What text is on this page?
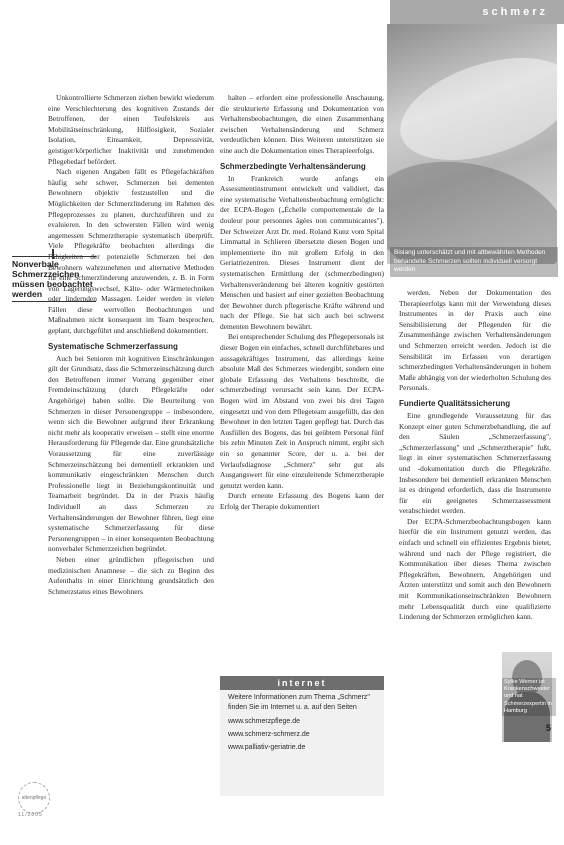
schmerz
Bislang unterschätzt und mit altbewährten Methoden behandelte Schmerzen sollten individuell versorgt werden
Nonverbale Schmerzzeichen müssen beobachtet werden

Unkontrollierte Schmerzen ziehen bewirkt wiederum eine Verschlechterung des kognitiven Zustands der Betroffenen, der einen Teufelskreis aus Mobilitätseinschränkung, Hilflosigkeit, Sozialer Isolation, Einsamkeit, Depressivität, geistiger/körperlicher Inaktivität und zunehmenden Pflegebedarf befördert.

Nach eigenen Angaben fällt es Pflegefachkräften häufig sehr schwer, Schmerzen bei dementen Bewohnern objektiv festzustellen und die Möglichkeiten der Schmerzlinderung im Rahmen des Pflegeprozesses zu planen, durchzuführen und zu evaluieren. In den schwersten Fällen wird wenig angemessen Schmerztherapie systematisch überprüft. Viele Pflegekräfte beobachten allerdings die Fähigkeiten der potenzielle Schmerzen bei den Bewohnern wahrzunehmen und alternative Methoden für eine Schmerzlinderung anzuwenden, z. B. in Form von Lagerungswechsel, Kälte- oder Wärmetechniken oder lindernden Massagen. Leider werden in vielen Fällen diese wertvollen Beobachtungen und Maßnahmen nicht konsequent im Team besprochen, geplant, durchgeführt und anschließend dokumentiert.

Systematische Schmerzerfassung

Auch bei Senioren mit kognitiven Einschränkungen gilt der Grundsatz, dass die Schmerzeinschätzung durch den Betroffenen immer Vorrang gegenüber einer Fremdeinschätzung (durch Pflegekräfte oder Angehörige) haben sollte. Die Beurteilung von Schmerzen in dieser Personengruppe – insbesondere, wenn sich die Bewohner aufgrund ihrer Erkrankung nicht mehr als kooperativ erweisen – stellt eine enorme Herausforderung für Pflegende dar. Eine grundsätzliche Voraussetzung für eine zuverlässige Schmerzeinschätzung bei dementiell erkrankten und kommunikativ eingeschränkten Menschen durch Professionelle liegt in Beziehungskontinuität und Teamarbeit begründet. Da in der Praxis häufig Individuell an dass Schmerzen zu Verhaltensänderungen der Bewohner führen, liegt eine systematische Schmerzerfassung für diese Personengruppen – in einer konsequenten Beobachtung nonverbaler Schmerzzeichen begründet.

Neben einer gründlichen pflegerischen und medizinischen Anamnese – die sich zu Beginn des Aufenthalts in einer Einrichtung grundsätzlich den Schmerzstatus eines Bewohners

halten – erfordert eine professionelle Anschauung, die strukturierte Erfassung und Dokumentation von Verhaltensbeobachtungen, die einen Zusammenhang zwischen Verhaltensänderung und Schmerz verdeutlichen können. Dies Weiteren unterstützen sie eine auch die Dokumentation eines Therapieerfolgs.

Schmerzbedingte Verhaltensänderung

In Frankreich wurde anfangs ein Assessmentinstrument entwickelt und validiert, das eine systematische Verhaltensbeobachtung ermöglicht: der ECPA-Bogen („Échelle comportementale de la douleur pour personnes âgées non communicantes"). Der Schweizer Arzt Dr. med. Roland Kunz vom Spital Limmattal in Schlieren übersetzte diesen Bogen und implementierte ihn mit großem Erfolg in den Geriatriezentren. Dieses Instrument dient der systematischen Ermittlung der (schmerzbedingten) Verhaltensveränderung bei älteren kognitiv gestörten Menschen und basiert auf einer gezielten Beobachtung der Bewohner durch pflegerische Kräfte während und nach der Pflege. Sie hat sich auch bei schwerst dementen Bewohnern bewährt.

Bei entsprechender Schulung des Pflegepersonals ist dieser Bogen ein einfaches, schnell durchführbares und aussagekräftiges Instrument, das allerdings keine absolute Maß des Schmerzes wiedergibt, sondern eine globale Erfassung des Verhaltens beschreibt, die schmerzbedingt verursacht sein kann. Der ECPA-Bogen wird im Abstand von zwei bis drei Tagen eingesetzt und von dem Pflegeteam ausgefüllt, das den Bewohner in den letzten Tagen gepflegt hat. Durch das Ausfüllen des Bogens, das bei geübtem Personal fünf bis zehn Minuten Zeit in Anspruch nimmt, ergibt sich ein so genannter Score, der u. a. bei der Verlaufsdiagnose „Schmerz" sehr gut als Ausgangswert für eine einzuleitende Schmerztherapie genutzt werden kann.

Durch erneute Erfassung des Bogens kann der Erfolg der Therapie dokumentiert

werden. Neben der Dokumentation des Therapieerfolgs kann mit der Verwendung dieses Instrumentes in der Praxis auch eine Sensibilisierung der Pflegenden für die Zusammenhänge zwischen Verhaltensänderungen und Schmerzen erreicht werden. Jedoch ist die Sensibilität im Erfassen von derartigen schmerzbedingten Verhaltensänderungen in hohem Maße abhängig von der wiederholten Schulung des Personals.

Fundierte Qualitätssicherung

Eine grundlegende Voraussetzung für das Konzept einer guten Schmerzbehandlung, die auf den Säulen „Schmerzerfassung", „Schmerzerfassung" und „Schmerztherapie" fußt, liegt in einer systematischen Schmerzerfassung und -dokumentation durch die Pflegekräfte. Insbesondere bei dementiell erkrankten Menschen ist es dringend erforderlich, dass die Instrumente für ein geeignetes Schmerzassessment verabschiedet werden.

Der ECPA-Schmerzbeobachtungsbogen kann hierfür die ein Instrument genutzt werden, das einfach und schnell ein effizientes Ergebnis bietet, während und nach der Pflege registriert, die Kommunikation über dieses Thema zwischen Pflegekräften, Bewohnern, Angehörigen und Ärzten unterstützt und somit auch den Bewohnern mit Kommunikationseinschränkten Bewohnern mehr Lebensqualität durch eine qualifizierte Linderung der Schmerzen ermöglichen kann.

internet
Weitere Informationen zum Thema „Schmerz" finden Sie im Internet u. a. auf den Seiten
www.schmerzpflege.de
www.schmerz-schmerz.de
www.palliativ-geriatrie.de
Sylke Werner ist Krankenschwester und hat Schmerzexpertin in Hamburg
5
altenpflege
11/2005
